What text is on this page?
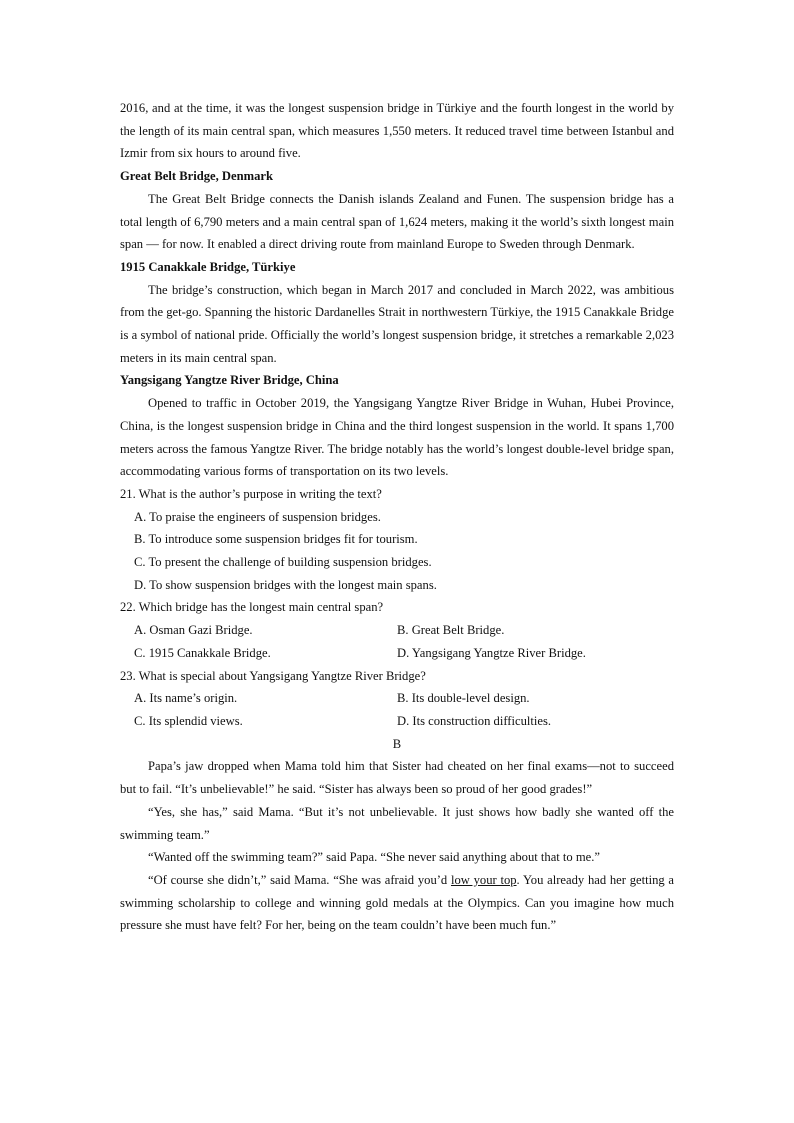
2016, and at the time, it was the longest suspension bridge in Türkiye and the fourth longest in the world by the length of its main central span, which measures 1,550 meters. It reduced travel time between Istanbul and Izmir from six hours to around five.

Great Belt Bridge, Denmark

The Great Belt Bridge connects the Danish islands Zealand and Funen. The suspension bridge has a total length of 6,790 meters and a main central span of 1,624 meters, making it the world’s sixth longest main span — for now. It enabled a direct driving route from mainland Europe to Sweden through Denmark.

1915 Canakkale Bridge, Türkiye

The bridge’s construction, which began in March 2017 and concluded in March 2022, was ambitious from the get-go. Spanning the historic Dardanelles Strait in northwestern Türkiye, the 1915 Canakkale Bridge is a symbol of national pride. Officially the world’s longest suspension bridge, it stretches a remarkable 2,023 meters in its main central span.

Yangsigang Yangtze River Bridge, China

Opened to traffic in October 2019, the Yangsigang Yangtze River Bridge in Wuhan, Hubei Province, China, is the longest suspension bridge in China and the third longest suspension in the world. It spans 1,700 meters across the famous Yangtze River. The bridge notably has the world’s longest double-level bridge span, accommodating various forms of transportation on its two levels.

21. What is the author’s purpose in writing the text?

A. To praise the engineers of suspension bridges.

B. To introduce some suspension bridges fit for tourism.

C. To present the challenge of building suspension bridges.

D. To show suspension bridges with the longest main spans.

22. Which bridge has the longest main central span?

A. Osman Gazi Bridge.	B. Great Belt Bridge.
C. 1915 Canakkale Bridge.	D. Yangsigang Yangtze River Bridge.

23. What is special about Yangsigang Yangtze River Bridge?

A. Its name’s origin.	B. Its double-level design.
C. Its splendid views.	D. Its construction difficulties.

B

Papa’s jaw dropped when Mama told him that Sister had cheated on her final exams—not to succeed but to fail. “It’s unbelievable!” he said. “Sister has always been so proud of her good grades!”

“Yes, she has,” said Mama. “But it’s not unbelievable. It just shows how badly she wanted off the swimming team.”

“Wanted off the swimming team?” said Papa. “She never said anything about that to me.”

“Of course she didn’t,” said Mama. “She was afraid you’d low your top. You already had her getting a swimming scholarship to college and winning gold medals at the Olympics. Can you imagine how much pressure she must have felt? For her, being on the team couldn’t have been much fun.”
